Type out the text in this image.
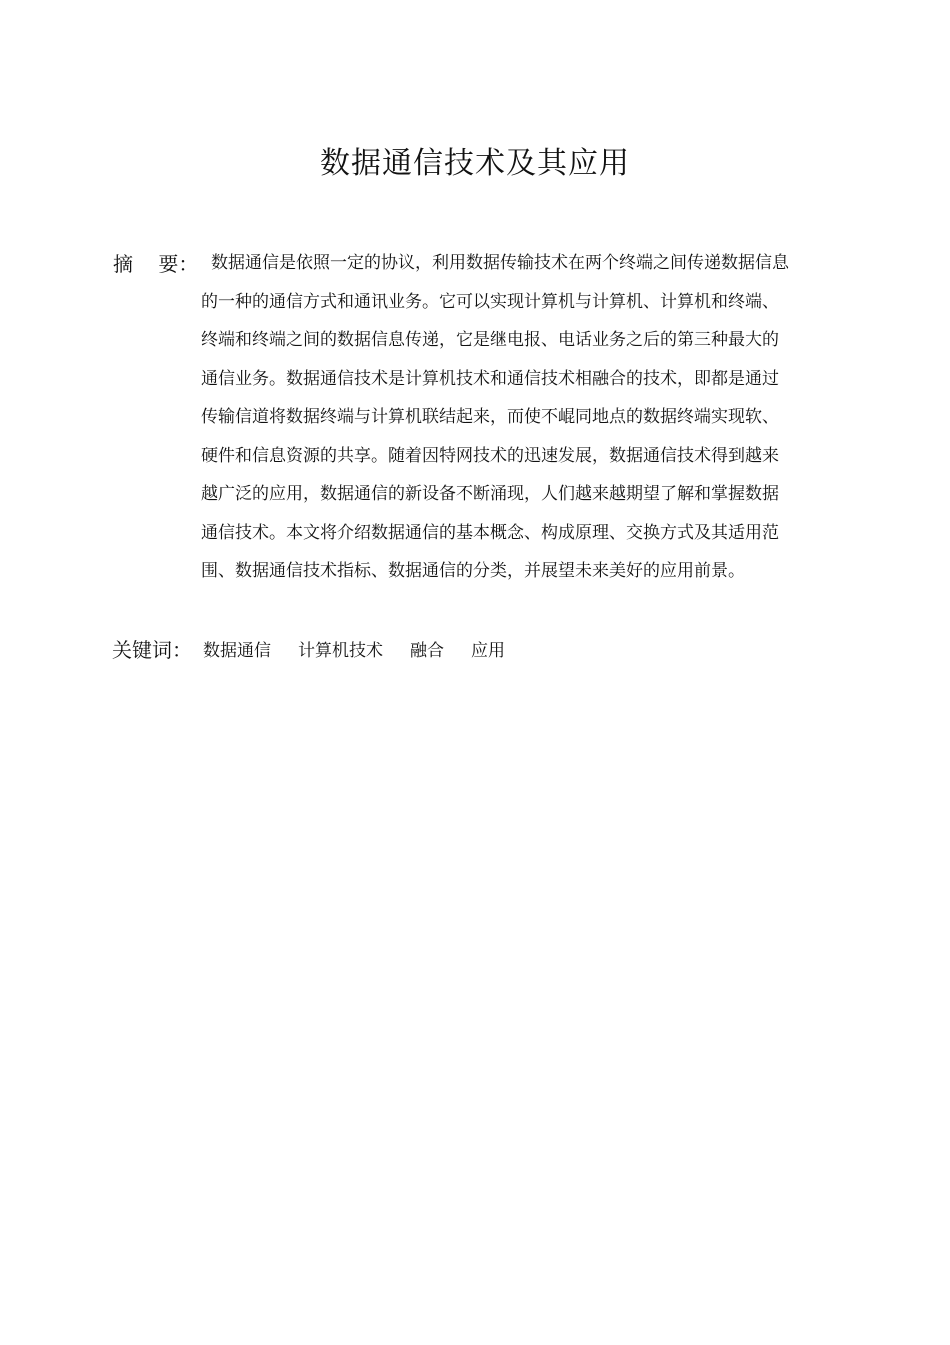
数据通信技术及其应用
摘    要： 数据通信是依照一定的协议，利用数据传输技术在两个终端之间传递数据信息
的一种的通信方式和通讯业务。它可以实现计算机与计算机、计算机和终端、
终端和终端之间的数据信息传递，它是继电报、电话业务之后的第三种最大的
通信业务。数据通信技术是计算机技术和通信技术相融合的技术，即都是通过
传输信道将数据终端与计算机联结起来，而使不崐同地点的数据终端实现软、
硬件和信息资源的共享。随着因特网技术的迅速发展，数据通信技术得到越来
越广泛的应用，数据通信的新设备不断涌现，人们越来越期望了解和掌握数据
通信技术。本文将介绍数据通信的基本概念、构成原理、交换方式及其适用范
围、数据通信技术指标、数据通信的分类，并展望未来美好的应用前景。
关键词： 数据通信 计算机技术 融合 应用
